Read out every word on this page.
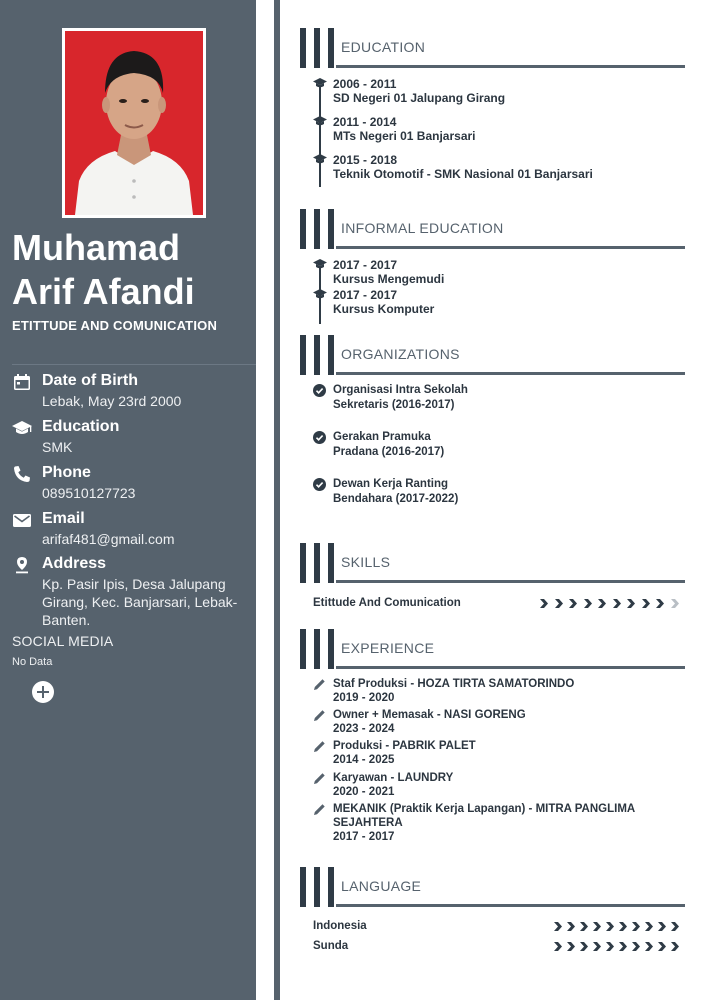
Muhamad
Arif Afandi
ETITTUDE AND COMUNICATION
Date of Birth
Lebak, May 23rd 2000
Education
SMK
Phone
089510127723
Email
arifaf481@gmail.com
Address
Kp. Pasir Ipis, Desa Jalupang Girang, Kec. Banjarsari, Lebak-Banten.
SOCIAL MEDIA
No Data
EDUCATION
2006 - 2011
SD Negeri 01 Jalupang Girang
2011 - 2014
MTs Negeri 01 Banjarsari
2015 - 2018
Teknik Otomotif - SMK Nasional 01 Banjarsari
INFORMAL EDUCATION
2017 - 2017
Kursus Mengemudi
2017 - 2017
Kursus Komputer
ORGANIZATIONS
Organisasi Intra Sekolah
Sekretaris (2016-2017)
Gerakan Pramuka
Pradana (2016-2017)
Dewan Kerja Ranting
Bendahara (2017-2022)
SKILLS
Etittude And Comunication
EXPERIENCE
Staf Produksi - HOZA TIRTA SAMATORINDO
2019 - 2020
Owner + Memasak - NASI GORENG
2023 - 2024
Produksi - PABRIK PALET
2014 - 2025
Karyawan - LAUNDRY
2020 - 2021
MEKANIK (Praktik Kerja Lapangan) - MITRA PANGLIMA
SEJAHTERA
2017 - 2017
LANGUAGE
Indonesia
Sunda
